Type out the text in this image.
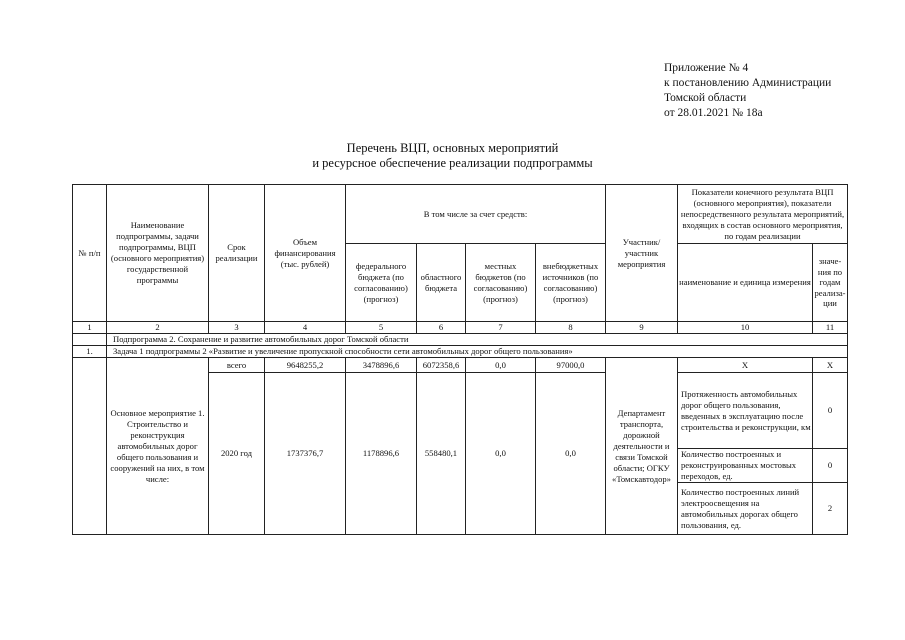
Приложение № 4
к постановлению Администрации
Томской области
от 28.01.2021 № 18а
Перечень ВЦП, основных мероприятий
и ресурсное обеспечение реализации подпрограммы
№ п/п	Наименование подпрограммы, задачи подпрограммы, ВЦП (основного мероприятия) государственной программы	Срок реализации	Объем финансирования (тыс. рублей)	В том числе за счет средств:				Участник/ участник мероприятия	Показатели конечного результата ВЦП (основного мероприятия), показатели непосредственного результата мероприятий, входящих в состав основного мероприятия, по годам реализации	
				федерального бюджета (по согласованию) (прогноз)	областного бюджета	местных бюджетов (по согласованию) (прогноз)	внебюджетных источников (по согласованию) (прогноз)		наименование и единица измерения	значе-ния по годам реализа-ции
1	2	3	4	5	6	7	8	9	10	11
	Подпрограмма 2. Сохранение и развитие автомобильных дорог Томской области									
1.	Задача 1 подпрограммы 2 «Развитие и увеличение пропускной способности сети автомобильных дорог общего пользования»									
	Основное мероприятие 1. Строительство и реконструкция автомобильных дорог общего пользования и сооружений на них, в том числе:	всего	9648255,2	3478896,6	6072358,6	0,0	97000,0	Департамент транспорта, дорожной деятельности и связи Томской области; ОГКУ «Томскавтодор»	Х	Х
		2020 год	1737376,7	1178896,6	558480,1	0,0	0,0		Протяженность автомобильных дорог общего пользования, введенных в эксплуатацию после строительства и реконструкции, км	0
									Количество построенных и реконструированных мостовых переходов, ед.	0
									Количество построенных линий электроосвещения на автомобильных дорогах общего пользования, ед.	2
